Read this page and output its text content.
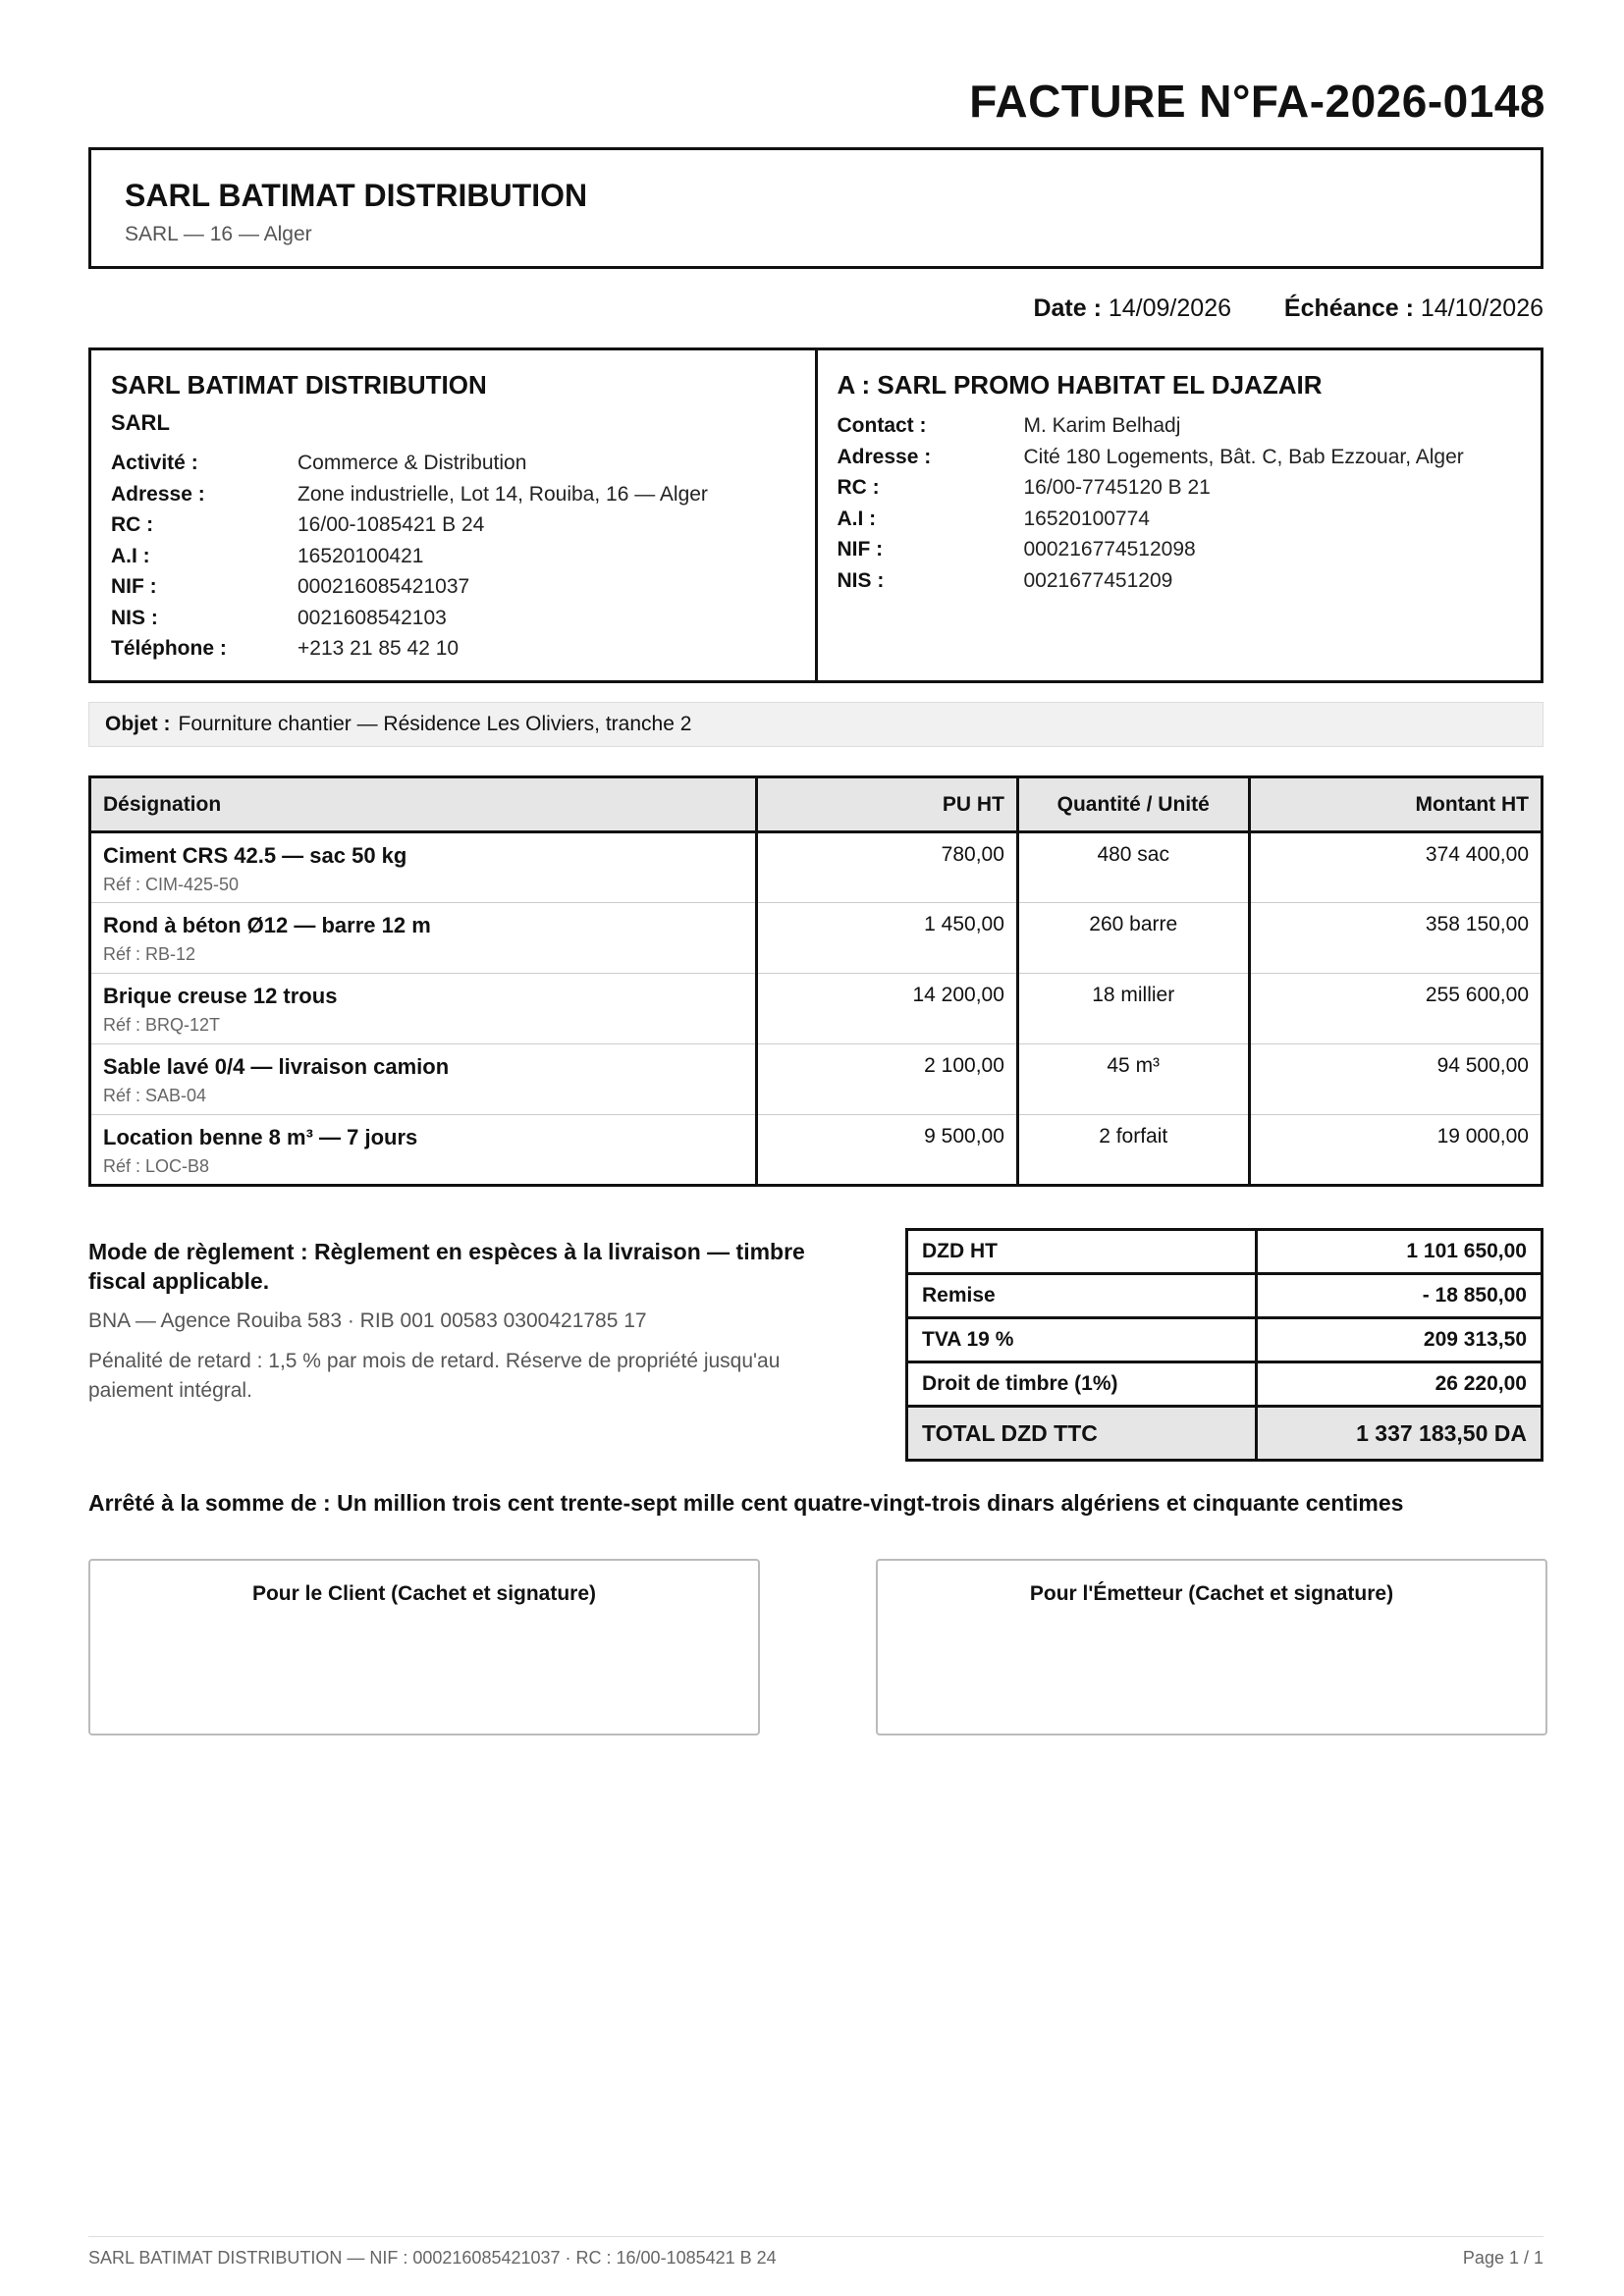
FACTURE N°FA-2026-0148
SARL BATIMAT DISTRIBUTION
SARL — 16 — Alger
Date : 14/09/2026 Échéance : 14/10/2026
SARL BATIMAT DISTRIBUTION
SARL
Activité :	Commerce & Distribution
Adresse :	Zone industrielle, Lot 14, Rouiba, 16 — Alger
RC :	16/00-1085421 B 24
A.I :	16520100421
NIF :	000216085421037
NIS :	0021608542103
Téléphone :	+213 21 85 42 10
A : SARL PROMO HABITAT EL DJAZAIR
Contact :	M. Karim Belhadj
Adresse :	Cité 180 Logements, Bât. C, Bab Ezzouar, Alger
RC :	16/00-7745120 B 21
A.I :	16520100774
NIF :	000216774512098
NIS :	0021677451209
Objet : Fourniture chantier — Résidence Les Oliviers, tranche 2
Désignation	PU HT	Quantité / Unité	Montant HT

Ciment CRS 42.5 — sac 50 kg
Réf : CIM-425-50	780,00	480 sac	374 400,00

Rond à béton Ø12 — barre 12 m
Réf : RB-12	1 450,00	260 barre	358 150,00

Brique creuse 12 trous
Réf : BRQ-12T	14 200,00	18 millier	255 600,00

Sable lavé 0/4 — livraison camion
Réf : SAB-04	2 100,00	45 m³	94 500,00

Location benne 8 m³ — 7 jours
Réf : LOC-B8	9 500,00	2 forfait	19 000,00
Mode de règlement : Règlement en espèces à la livraison — timbre fiscal applicable.
BNA — Agence Rouiba 583 · RIB 001 00583 0300421785 17
Pénalité de retard : 1,5 % par mois de retard. Réserve de propriété jusqu'au paiement intégral.
DZD HT	1 101 650,00
Remise	- 18 850,00
TVA 19 %	209 313,50
Droit de timbre (1%)	26 220,00
TOTAL DZD TTC	1 337 183,50 DA
Arrêté à la somme de : Un million trois cent trente-sept mille cent quatre-vingt-trois dinars algériens et cinquante centimes
Pour le Client (Cachet et signature)	Pour l'Émetteur (Cachet et signature)
SARL BATIMAT DISTRIBUTION — NIF : 000216085421037 · RC : 16/00-1085421 B 24	Page 1 / 1
